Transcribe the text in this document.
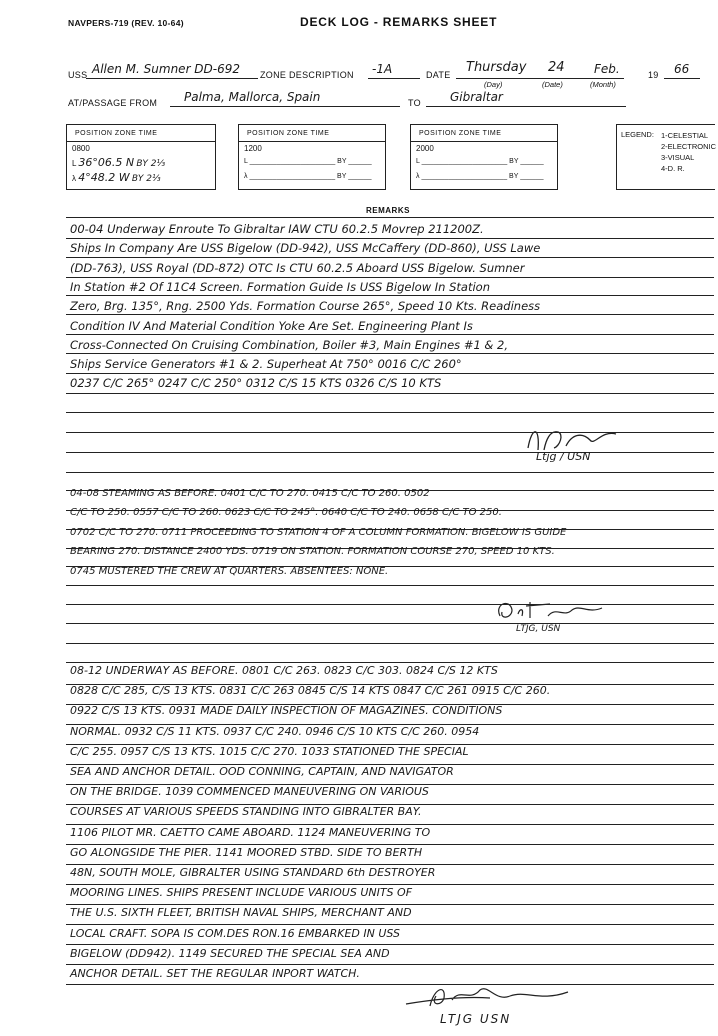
NAVPERS-719 (REV. 10-64)	DECK LOG - REMARKS SHEET
USS Allen M. Sumner DD-692 ZONE DESCRIPTION -1A	DATE Thursday 24 Feb.	19 66
(Day)	(Date)	(Month)
AT/PASSAGE FROM Palma, Mallorca, Spain	TO Gibraltar
POSITION ZONE TIME
0800
L 36°06.5 N BY 2¹⁄₃
λ 4°48.2 W BY 2¹⁄₃
POSITION ZONE TIME
1200
L ______________________ BY ______
λ ______________________ BY ______
POSITION ZONE TIME
2000
L ______________________ BY ______
λ ______________________ BY ______
LEGEND: 1-CELESTIAL
2-ELECTRONIC
3-VISUAL
4-D. R.
REMARKS
00-04 Underway Enroute To Gibraltar IAW CTU 60.2.5 Movrep 211200Z.
Ships In Company Are USS Bigelow (DD-942), USS McCaffery (DD-860), USS Lawe
(DD-763), USS Royal (DD-872) OTC Is CTU 60.2.5 Aboard USS Bigelow. Sumner
In Station #2 Of 11C4 Screen. Formation Guide Is USS Bigelow In Station
Zero, Brg. 135°, Rng. 2500 Yds. Formation Course 265°, Speed 10 Kts. Readiness
Condition IV And Material Condition Yoke Are Set. Engineering Plant Is
Cross-Connected On Cruising Combination, Boiler #3, Main Engines #1 & 2,
Ships Service Generators #1 & 2. Superheat At 750° 0016 C/C 260°
0237 C/C 265° 0247 C/C 250° 0312 C/S 15 KTS 0326 C/S 10 KTS
Ltjg / USN
04-08 STEAMING AS BEFORE. 0401 C/C TO 270. 0415 C/C TO 260. 0502
C/C TO 250. 0557 C/C TO 260. 0623 C/C TO 245°. 0640 C/C TO 240. 0658 C/C TO 250.
0702 C/C TO 270. 0711 PROCEEDING TO STATION 4 OF A COLUMN FORMATION. BIGELOW IS GUIDE
BEARING 270. DISTANCE 2400 YDS. 0719 ON STATION. FORMATION COURSE 270, SPEED 10 KTS.
0745 MUSTERED THE CREW AT QUARTERS. ABSENTEES: NONE.
LTJG, USN
08-12 UNDERWAY AS BEFORE. 0801 C/C 263. 0823 C/C 303. 0824 C/S 12 KTS
0828 C/C 285, C/S 13 KTS. 0831 C/C 263 0845 C/S 14 KTS 0847 C/C 261 0915 C/C 260.
0922 C/S 13 KTS. 0931 MADE DAILY INSPECTION OF MAGAZINES. CONDITIONS
NORMAL. 0932 C/S 11 KTS. 0937 C/C 240. 0946 C/S 10 KTS C/C 260. 0954
C/C 255. 0957 C/S 13 KTS. 1015 C/C 270. 1033 STATIONED THE SPECIAL
SEA AND ANCHOR DETAIL. OOD CONNING, CAPTAIN, AND NAVIGATOR
ON THE BRIDGE. 1039 COMMENCED MANEUVERING ON VARIOUS
COURSES AT VARIOUS SPEEDS STANDING INTO GIBRALTER BAY.
1106 PILOT MR. CAETTO CAME ABOARD. 1124 MANEUVERING TO
GO ALONGSIDE THE PIER. 1141 MOORED STBD. SIDE TO BERTH
48N, SOUTH MOLE, GIBRALTER USING STANDARD 6th DESTROYER
MOORING LINES. SHIPS PRESENT INCLUDE VARIOUS UNITS OF
THE U.S. SIXTH FLEET, BRITISH NAVAL SHIPS, MERCHANT AND
LOCAL CRAFT. SOPA IS COM.DES RON.16 EMBARKED IN USS
BIGELOW (DD942). 1149 SECURED THE SPECIAL SEA AND
ANCHOR DETAIL. SET THE REGULAR INPORT WATCH.
LTJG USN
